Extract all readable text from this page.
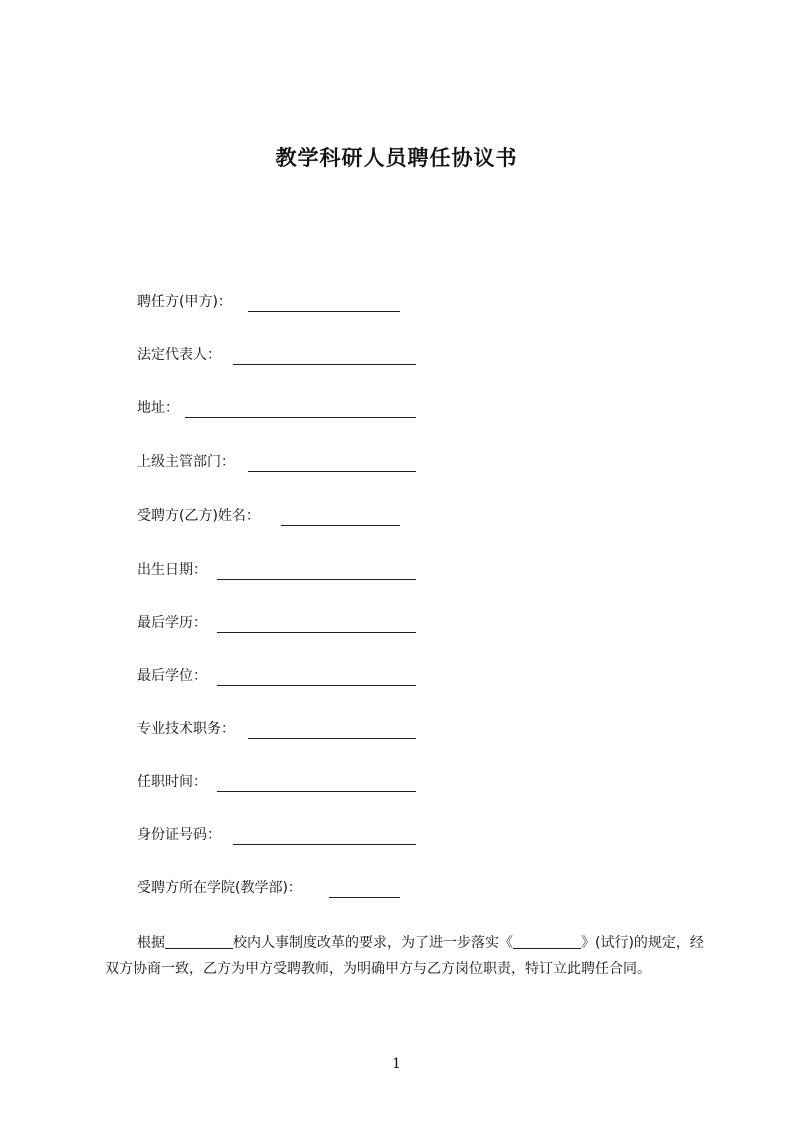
教学科研人员聘任协议书
聘任方(甲方)：
法定代表人：
地址：
上级主管部门：
受聘方(乙方)姓名：
出生日期：
最后学历：
最后学位：
专业技术职务：
任职时间：
身份证号码：
受聘方所在学院(教学部)：
根据	校内人事制度改革的要求，为了进一步落实《	》(试行)的规定，经双方协商一致，乙方为甲方受聘教师，为明确甲方与乙方岗位职责，特订立此聘任合同。
1
